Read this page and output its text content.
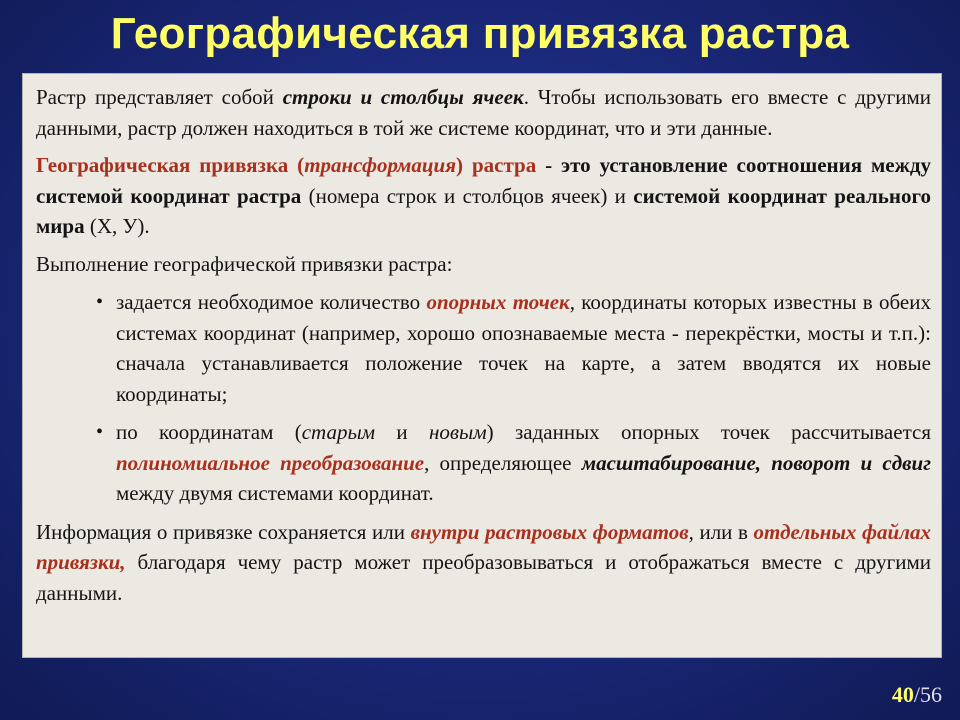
Географическая привязка растра

Растр представляет собой строки и столбцы ячеек. Чтобы использовать его вместе с другими данными, растр должен находиться в той же системе координат, что и эти данные.

Географическая привязка (трансформация) растра - это установление соотношения между системой координат растра (номера строк и столбцов ячеек) и системой координат реального мира (Х, У).

Выполнение географической привязки растра:

• задается необходимое количество опорных точек, координаты которых известны в обеих системах координат (например, хорошо опознаваемые места - перекрёстки, мосты и т.п.): сначала устанавливается положение точек на карте, а затем вводятся их новые координаты;
• по координатам (старым и новым) заданных опорных точек рассчитывается полиномиальное преобразование, определяющее масштабирование, поворот и сдвиг между двумя системами координат.

Информация о привязке сохраняется или внутри растровых форматов, или в отдельных файлах привязки, благодаря чему растр может преобразовываться и отображаться вместе с другими данными.

40/56
